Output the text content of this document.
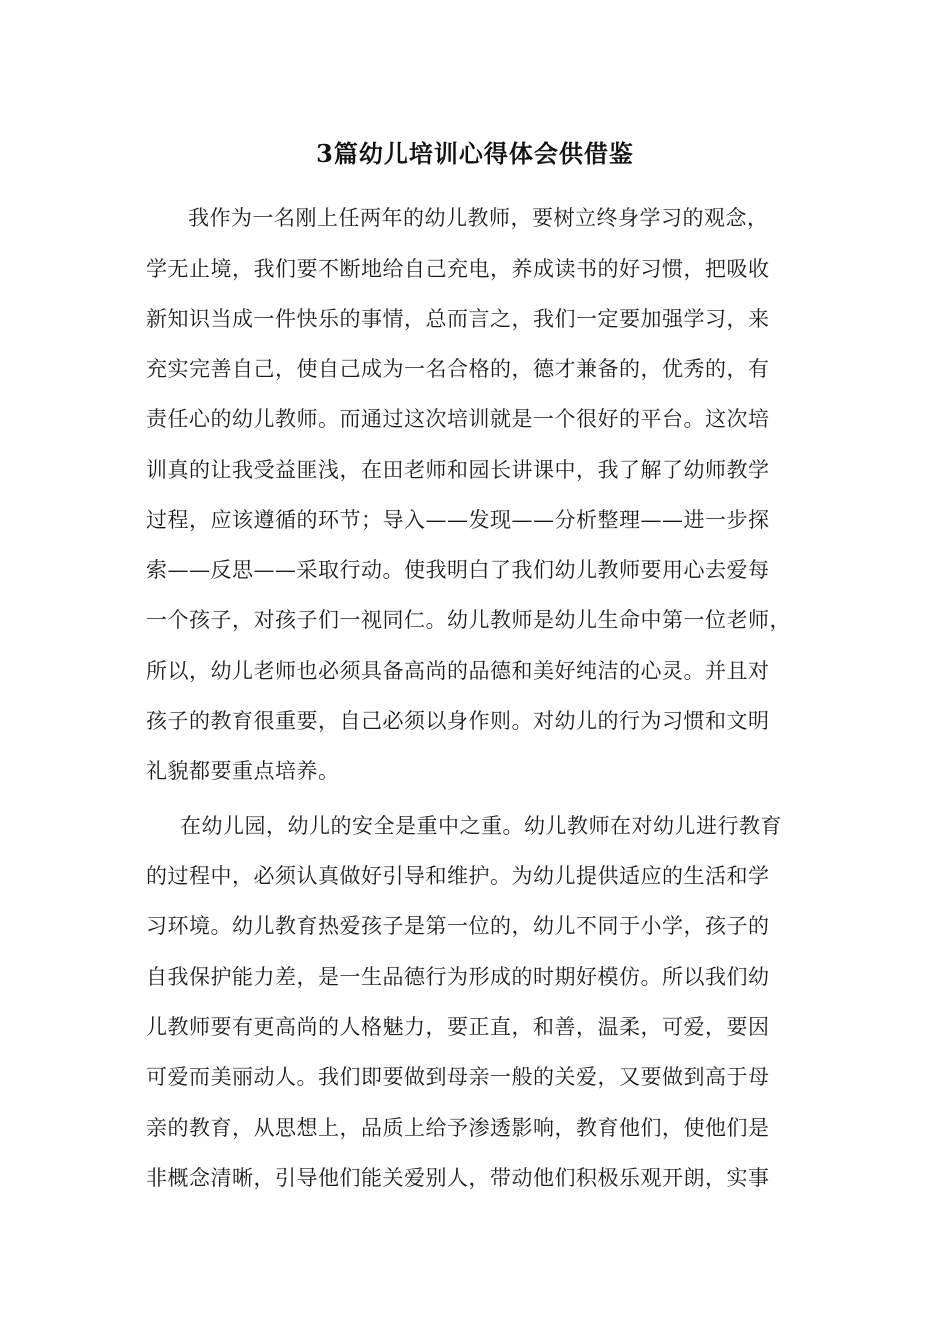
3篇幼儿培训心得体会供借鉴
我作为一名刚上任两年的幼儿教师，要树立终身学习的观念，
学无止境，我们要不断地给自己充电，养成读书的好习惯，把吸收
新知识当成一件快乐的事情，总而言之，我们一定要加强学习，来
充实完善自己，使自己成为一名合格的，德才兼备的，优秀的，有
责任心的幼儿教师。而通过这次培训就是一个很好的平台。这次培
训真的让我受益匪浅，在田老师和园长讲课中，我了解了幼师教学
过程，应该遵循的环节；导入——发现——分析整理——进一步探
索——反思——采取行动。使我明白了我们幼儿教师要用心去爱每
一个孩子，对孩子们一视同仁。幼儿教师是幼儿生命中第一位老师，
所以，幼儿老师也必须具备高尚的品德和美好纯洁的心灵。并且对
孩子的教育很重要，自己必须以身作则。对幼儿的行为习惯和文明
礼貌都要重点培养。
在幼儿园，幼儿的安全是重中之重。幼儿教师在对幼儿进行教育
的过程中，必须认真做好引导和维护。为幼儿提供适应的生活和学
习环境。幼儿教育热爱孩子是第一位的，幼儿不同于小学，孩子的
自我保护能力差，是一生品德行为形成的时期好模仿。所以我们幼
儿教师要有更高尚的人格魅力，要正直，和善，温柔，可爱，要因
可爱而美丽动人。我们即要做到母亲一般的关爱，又要做到高于母
亲的教育，从思想上，品质上给予渗透影响，教育他们，使他们是
非概念清晰，引导他们能关爱别人，带动他们积极乐观开朗，实事
